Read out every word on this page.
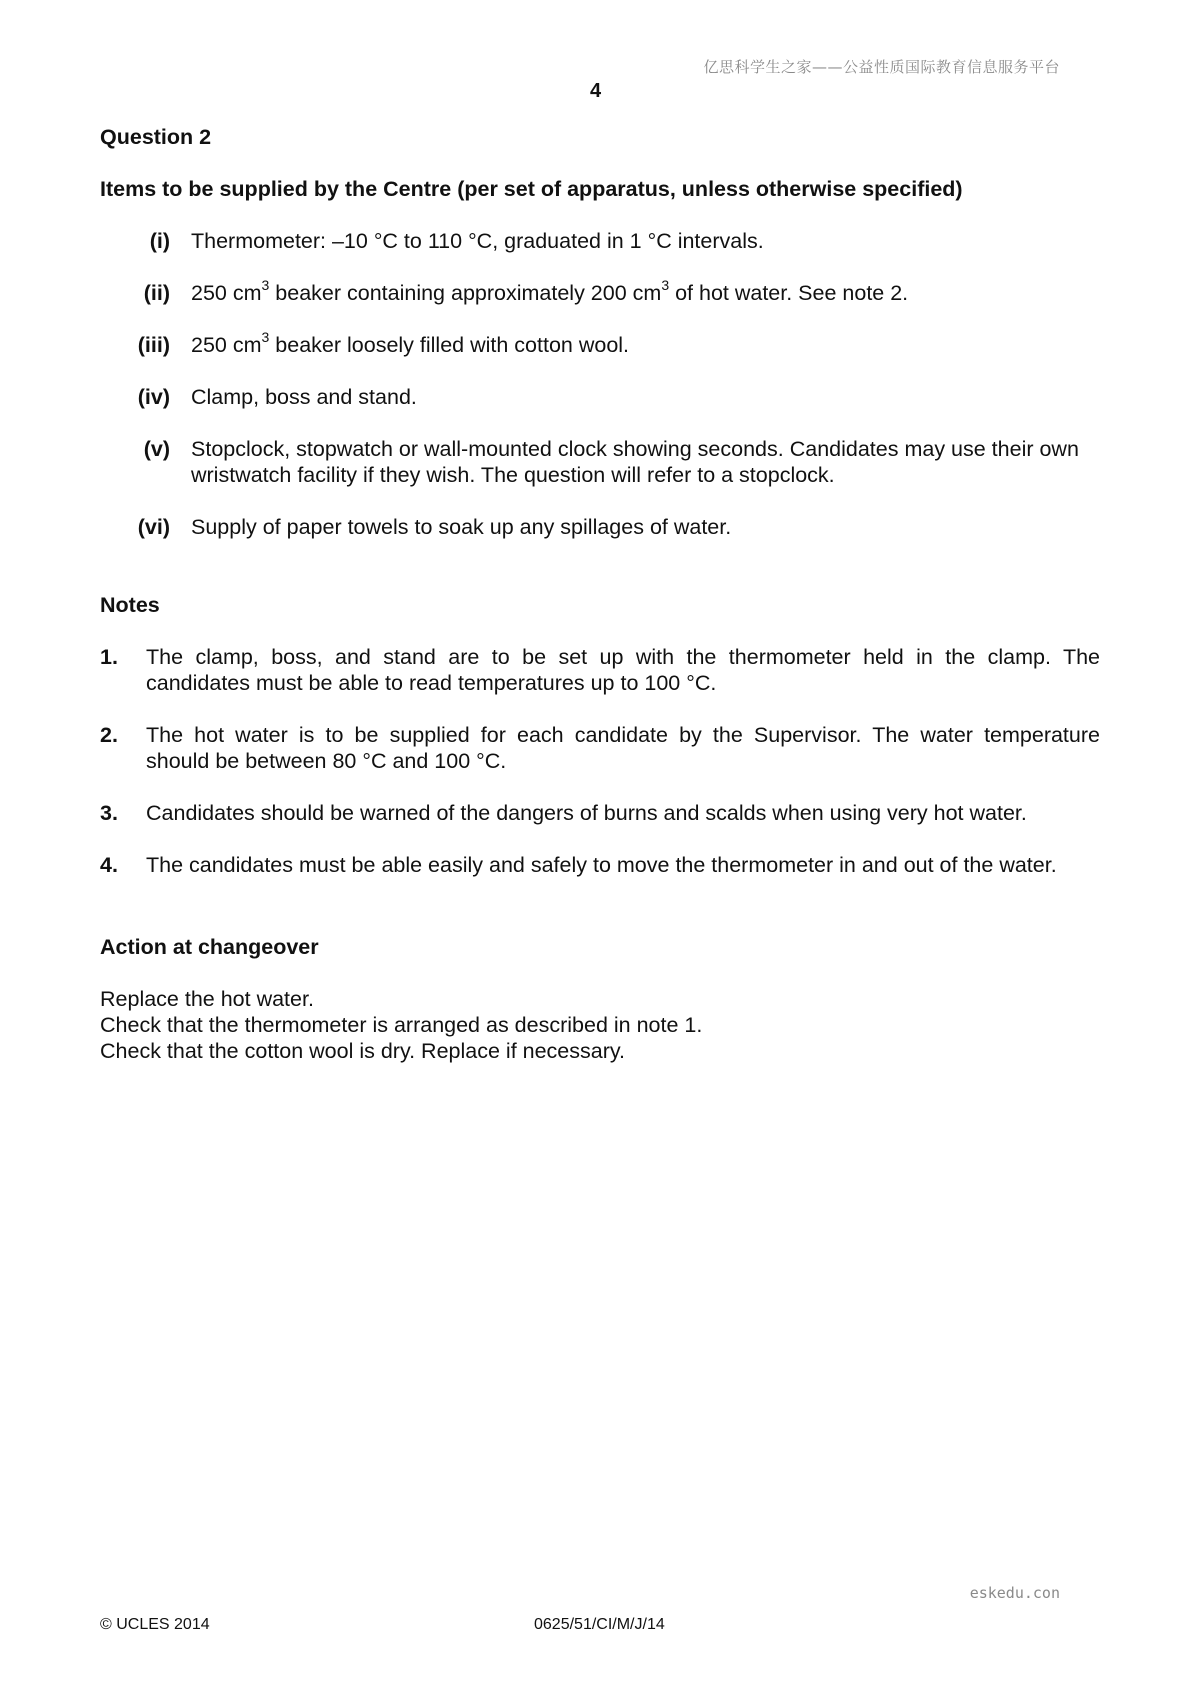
亿思科学生之家——公益性质国际教育信息服务平台
4
Question 2
Items to be supplied by the Centre (per set of apparatus, unless otherwise specified)
(i) Thermometer: –10 °C to 110 °C, graduated in 1 °C intervals.
(ii) 250 $cm^3$ beaker containing approximately 200 $cm^3$ of hot water. See note 2.
(iii) 250 $cm^3$ beaker loosely filled with cotton wool.
(iv) Clamp, boss and stand.
(v) Stopclock, stopwatch or wall-mounted clock showing seconds. Candidates may use their own
wristwatch facility if they wish. The question will refer to a stopclock.
(vi) Supply of paper towels to soak up any spillages of water.
Notes
1. The clamp, boss, and stand are to be set up with the thermometer held in the clamp. The
candidates must be able to read temperatures up to 100 °C.
2. The hot water is to be supplied for each candidate by the Supervisor. The water temperature
should be between 80 °C and 100 °C.
3. Candidates should be warned of the dangers of burns and scalds when using very hot water.
4. The candidates must be able easily and safely to move the thermometer in and out of the water.
Action at changeover
Replace the hot water.
Check that the thermometer is arranged as described in note 1.
Check that the cotton wool is dry. Replace if necessary.
eskedu.con
© UCLES 2014	0625/51/CI/M/J/14
